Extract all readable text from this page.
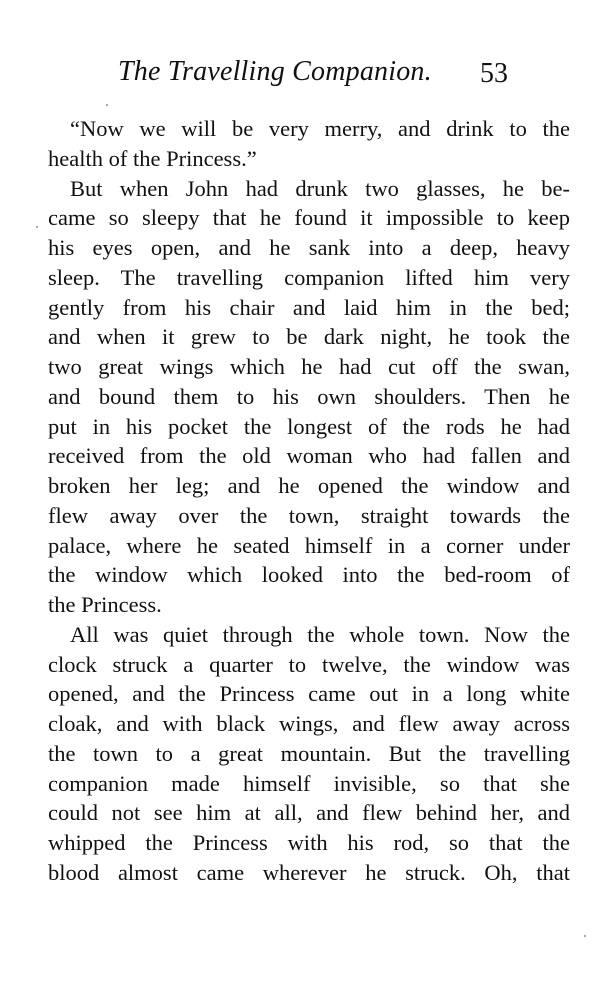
The Travelling Companion. 53

“Now we will be very merry, and drink to the
health of the Princess.”

But when John had drunk two glasses, he be-
came so sleepy that he found it impossible to keep
his eyes open, and he sank into a deep, heavy
sleep. The travelling companion lifted him very
gently from his chair and laid him in the bed;
and when it grew to be dark night, he took the
two great wings which he had cut off the swan,
and bound them to his own shoulders. Then he
put in his pocket the longest of the rods he had
received from the old woman who had fallen and
broken her leg; and he opened the window and
flew away over the town, straight towards the
palace, where he seated himself in a corner under
the window which looked into the bed-room of
the Princess.

All was quiet through the whole town. Now the
clock struck a quarter to twelve, the window was
opened, and the Princess came out in a long white
cloak, and with black wings, and flew away across
the town to a great mountain. But the travelling
companion made himself invisible, so that she
could not see him at all, and flew behind her, and
whipped the Princess with his rod, so that the
blood almost came wherever he struck. Oh, that
